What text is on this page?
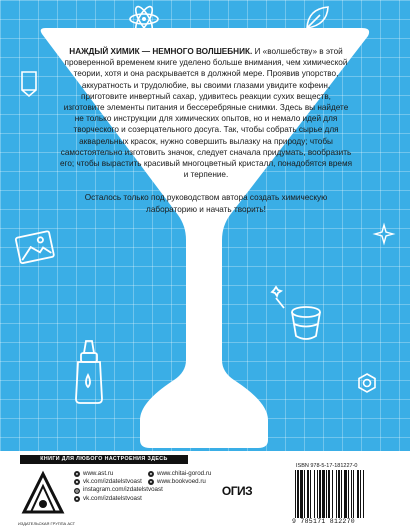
НАЖДЫЙ ХИМИК — НЕМНОГО ВОЛШЕБНИК. И «волшебству» в этой проверенной временем книге уделено больше внимания, чем химической теории, хотя и она раскрывается в должной мере. Проявив упорство, аккуратность и трудолюбие, вы своими глазами увидите кофеин, приготовите инвертный сахар, удивитесь реакции сухих веществ, изготовите элементы питания и бессеребряные снимки. Здесь вы найдете не только инструкции для химических опытов, но и немало идей для творческого и созерцательного досуга. Так, чтобы собрать сырье для акварельных красок, нужно совершить вылазку на природу; чтобы самостоятельно изготовить значок, следует сначала придумать, вообразить его; чтобы вырастить красивый многоцветный кристалл, понадобятся время и терпение.

Осталось только под руководством автора создать химическую лабораторию и начать творить!

КНИГИ ДЛЯ ЛЮБОГО НАСТРОЕНИЯ ЗДЕСЬ
ИЗДАТЕЛЬСКАЯ ГРУППА АСТ
● www.ast.ru
в vk.com/izdatelstvoast
◎ instagram.com/izdatelstvoast
в vk.com/izdatelstvoast
● www.chitai-gorod.ru
● www.bookvoed.ru
ОГИЗ
ISBN 978-5-17-181227-0
9 785171 812270
